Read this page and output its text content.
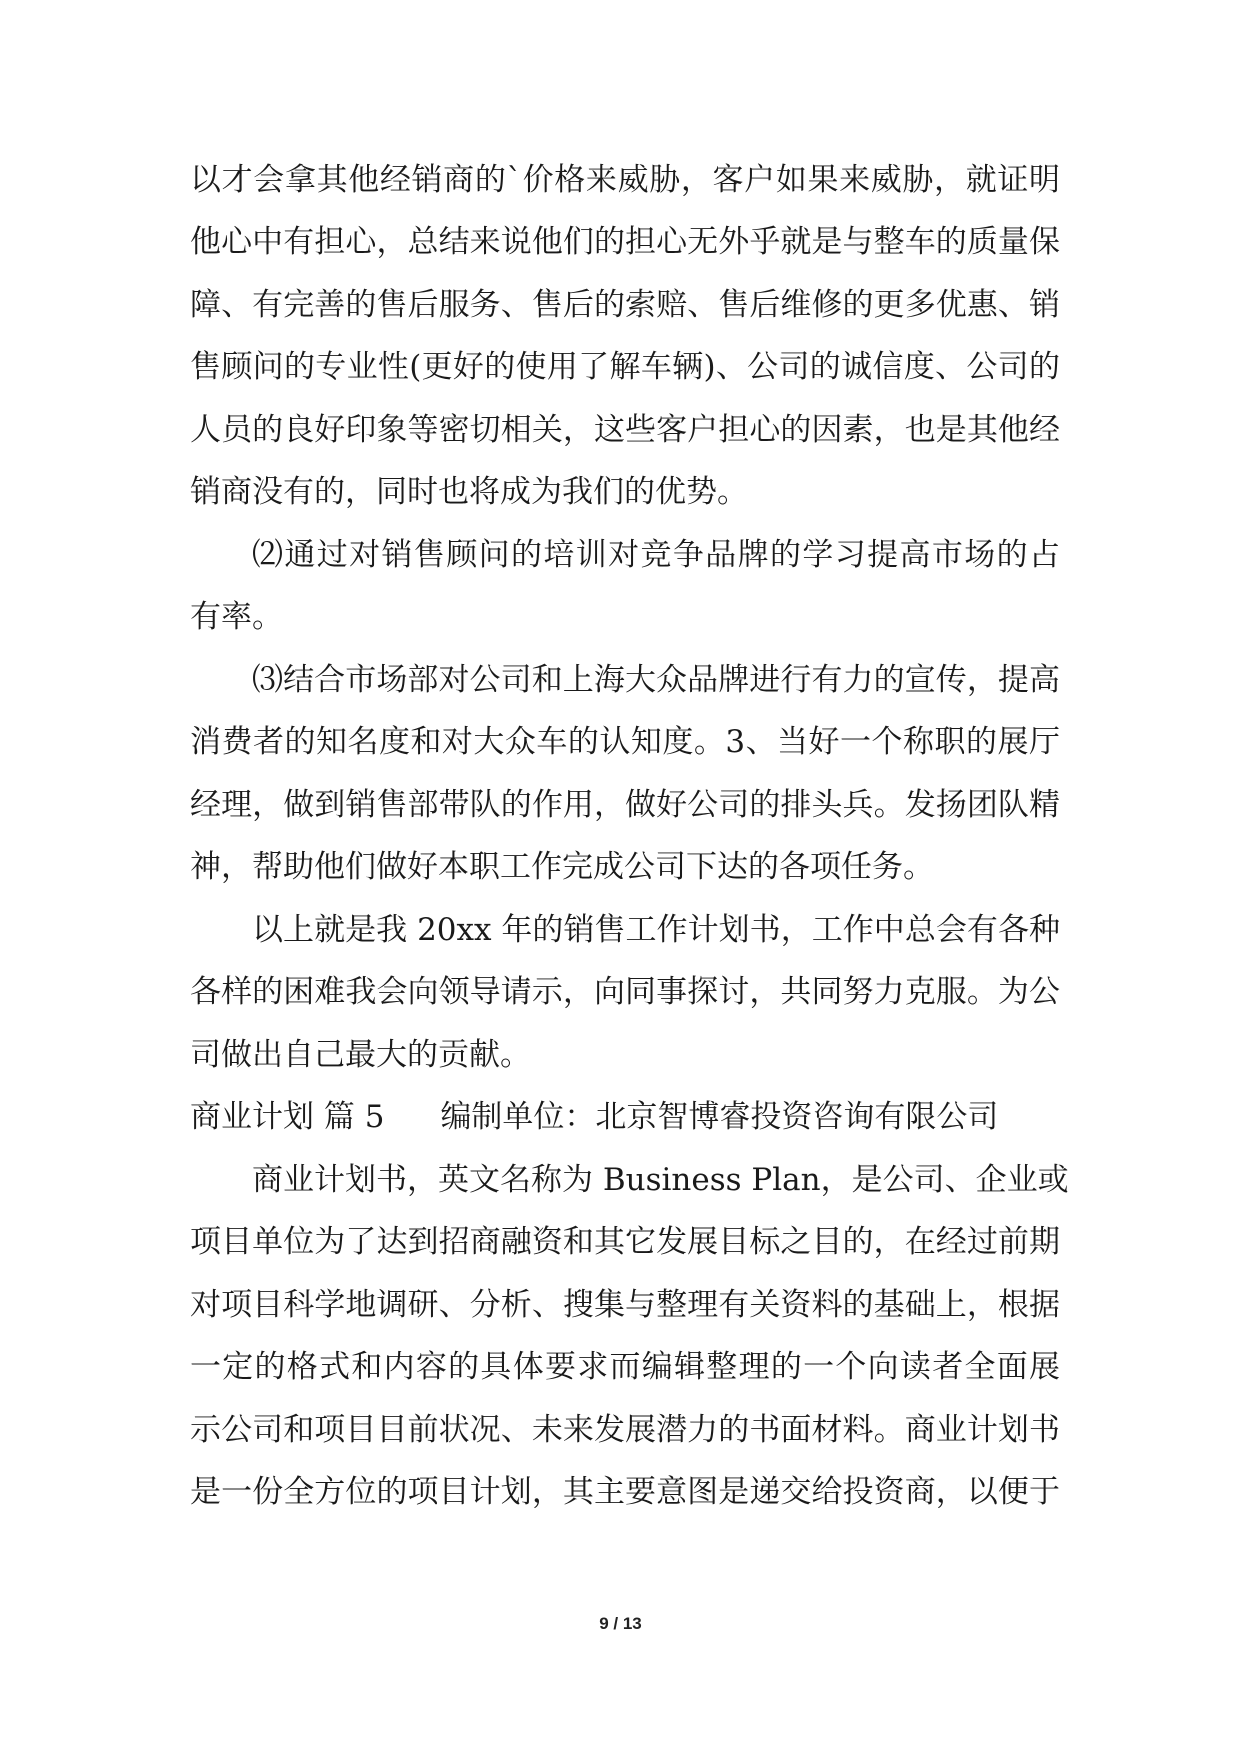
以才会拿其他经销商的`价格来威胁，客户如果来威胁，就证明
他心中有担心，总结来说他们的担心无外乎就是与整车的质量保
障、有完善的售后服务、售后的索赔、售后维修的更多优惠、销
售顾问的专业性(更好的使用了解车辆)、公司的诚信度、公司的
人员的良好印象等密切相关，这些客户担心的因素，也是其他经
销商没有的，同时也将成为我们的优势。
⑵通过对销售顾问的培训对竞争品牌的学习提高市场的占
有率。
⑶结合市场部对公司和上海大众品牌进行有力的宣传，提高
消费者的知名度和对大众车的认知度。3、当好一个称职的展厅
经理，做到销售部带队的作用，做好公司的排头兵。发扬团队精
神，帮助他们做好本职工作完成公司下达的各项任务。
以上就是我 20xx 年的销售工作计划书，工作中总会有各种
各样的困难我会向领导请示，向同事探讨，共同努力克服。为公
司做出自己最大的贡献。
商业计划 篇 5 编制单位：北京智博睿投资咨询有限公司
商业计划书，英文名称为 Business Plan，是公司、企业或
项目单位为了达到招商融资和其它发展目标之目的，在经过前期
对项目科学地调研、分析、搜集与整理有关资料的基础上，根据
一定的格式和内容的具体要求而编辑整理的一个向读者全面展
示公司和项目目前状况、未来发展潜力的书面材料。商业计划书
是一份全方位的项目计划，其主要意图是递交给投资商，以便于
9 / 13
